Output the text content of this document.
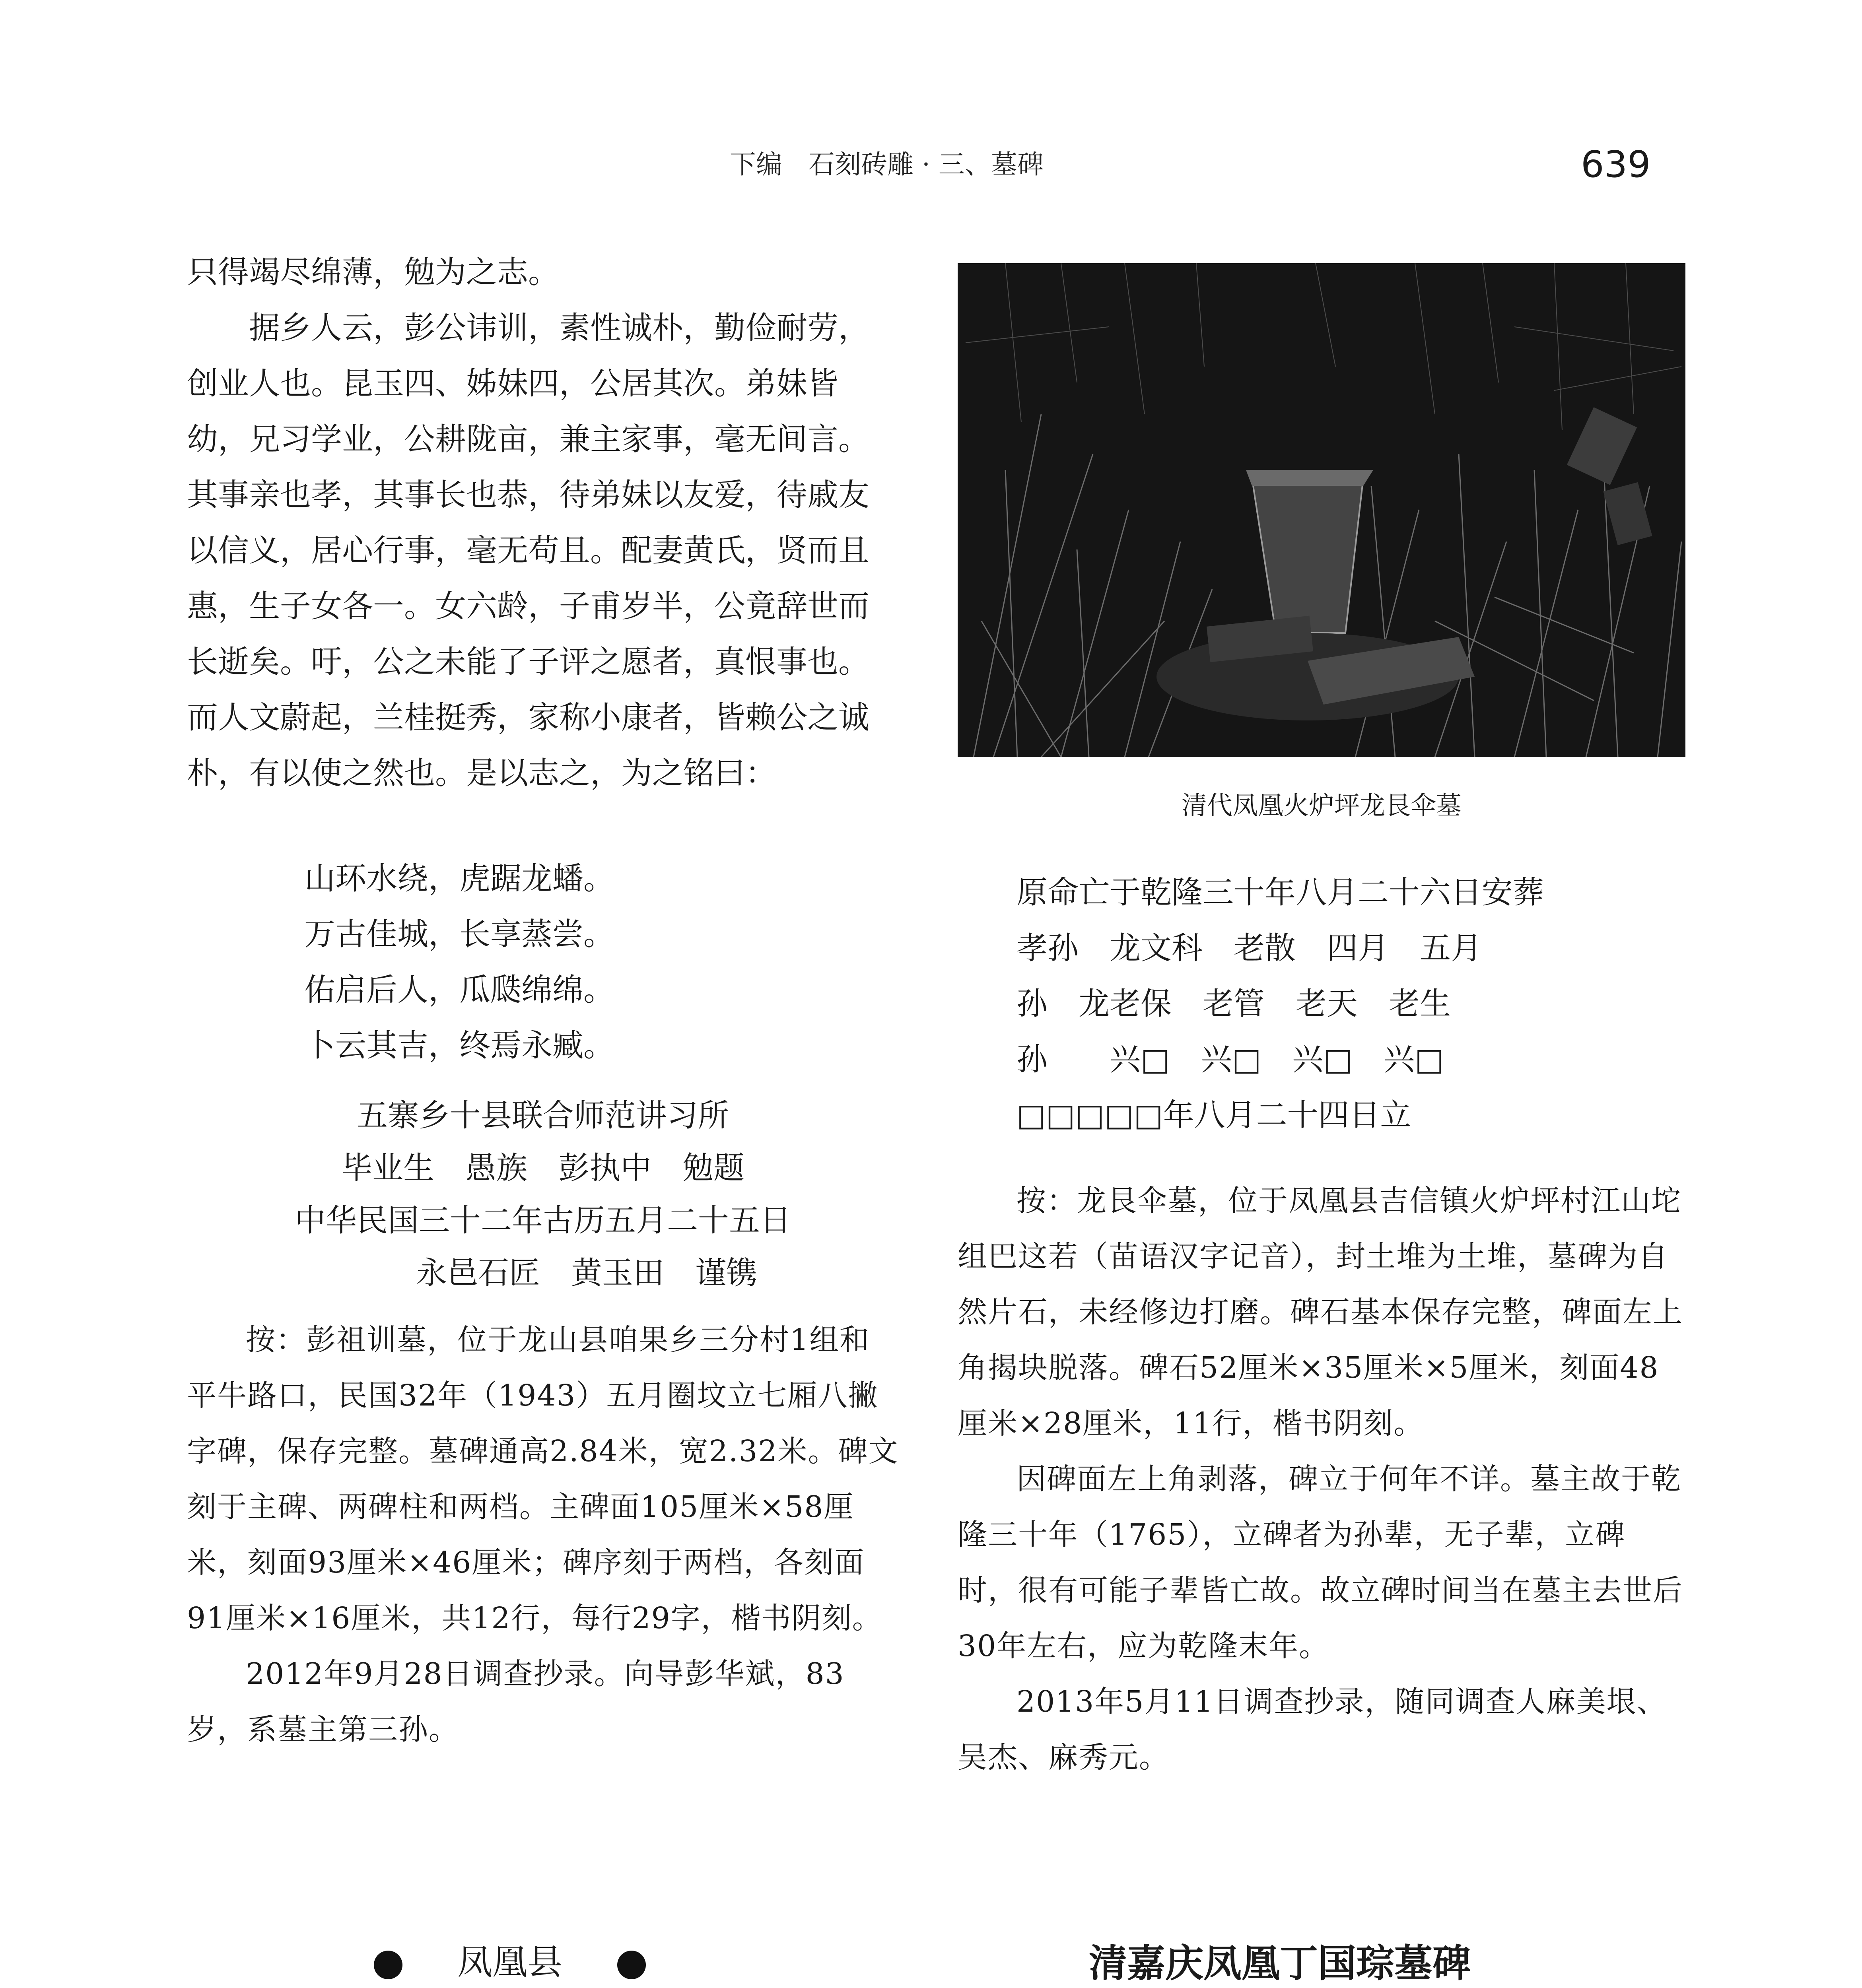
下编　石刻砖雕 · 三、墓碑	639

只得竭尽绵薄，勉为之志。

据乡人云，彭公讳训，素性诚朴，勤俭耐劳，创业人也。昆玉四、姊妹四，公居其次。弟妹皆幼，兄习学业，公耕陇亩，兼主家事，毫无间言。其事亲也孝，其事长也恭，待弟妹以友爱，待戚友以信义，居心行事，毫无苟且。配妻黄氏，贤而且惠，生子女各一。女六龄，子甫岁半，公竟辞世而长逝矣。吁，公之未能了子评之愿者，真恨事也。而人文蔚起，兰桂挺秀，家称小康者，皆赖公之诚朴，有以使之然也。是以志之，为之铭曰：

山环水绕，虎踞龙蟠。

万古佳城，长享蒸尝。

佑启后人，瓜瓞绵绵。

卜云其吉，终焉永臧。

五寨乡十县联合师范讲习所
毕业生　愚族　彭执中　勉题
中华民国三十二年古历五月二十五日
永邑石匠　黄玉田　谨镌

按：彭祖训墓，位于龙山县咱果乡三分村1组和平牛路口，民国32年（1943）五月圈坟立七厢八撇字碑，保存完整。墓碑通高2.84米，宽2.32米。碑文刻于主碑、两碑柱和两档。主碑面105厘米×58厘米，刻面93厘米×46厘米；碑序刻于两档，各刻面91厘米×16厘米，共12行，每行29字，楷书阴刻。

2012年9月28日调查抄录。向导彭华斌，83岁，系墓主第三孙。

凤凰县

清代凤凰火炉坪龙艮伞墓

原命亡于乾隆三十年八月二十六日安葬

孝孙　龙文科　老散　四月　五月

孙　龙老保　老管　老天　老生

孙　　兴□　兴□　兴□　兴□

□□□□□年八月二十四日立

按：龙艮伞墓，位于凤凰县吉信镇火炉坪村江山坨组巴这若（苗语汉字记音），封土堆为土堆，墓碑为自然片石，未经修边打磨。碑石基本保存完整，碑面左上角揭块脱落。碑石52厘米×35厘米×5厘米，刻面48厘米×28厘米，11行，楷书阴刻。

因碑面左上角剥落，碑立于何年不详。墓主故于乾隆三十年（1765），立碑者为孙辈，无子辈，立碑时，很有可能子辈皆亡故。故立碑时间当在墓主去世后30年左右，应为乾隆末年。

2013年5月11日调查抄录，随同调查人麻美垠、吴杰、麻秀元。

清嘉庆凤凰丁国琮墓碑
